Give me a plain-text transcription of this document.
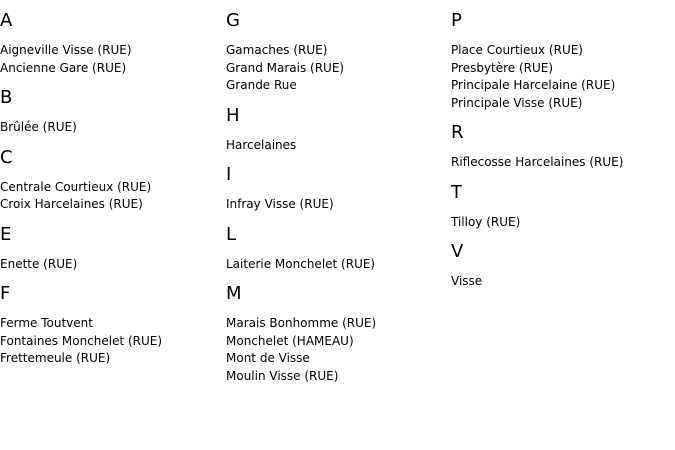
A
Aigneville Visse (RUE)
Ancienne Gare (RUE)
B
Brûlée (RUE)
C
Centrale Courtieux (RUE)
Croix Harcelaines (RUE)
E
Enette (RUE)
F
Ferme Toutvent
Fontaines Monchelet (RUE)
Frettemeule (RUE)
G
Gamaches (RUE)
Grand Marais (RUE)
Grande Rue
H
Harcelaines
I
Infray Visse (RUE)
L
Laiterie Monchelet (RUE)
M
Marais Bonhomme (RUE)
Monchelet (HAMEAU)
Mont de Visse
Moulin Visse (RUE)
P
Place Courtieux (RUE)
Presbytère (RUE)
Principale Harcelaine (RUE)
Principale Visse (RUE)
R
Riflecosse Harcelaines (RUE)
T
Tilloy (RUE)
V
Visse
